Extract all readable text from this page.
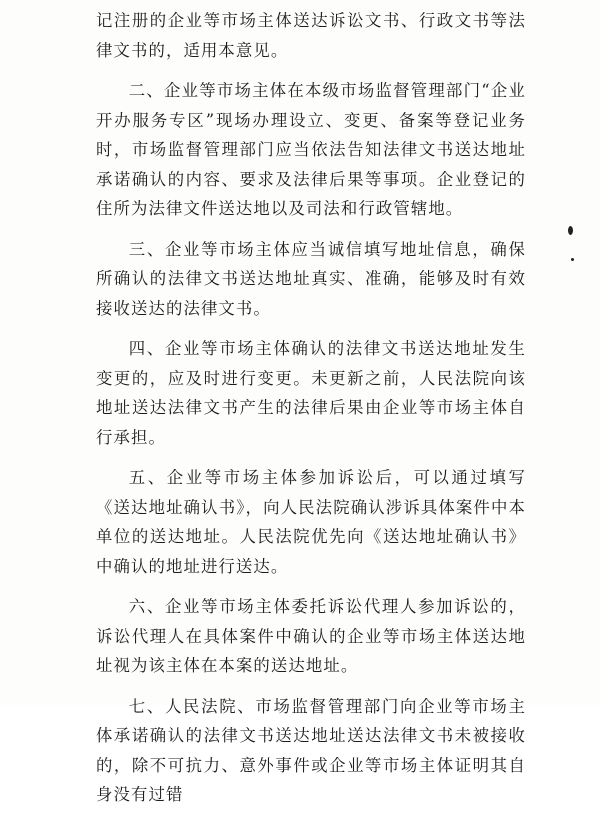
记注册的企业等市场主体送达诉讼文书、行政文书等法律文书的，适用本意见。

二、企业等市场主体在本级市场监督管理部门“企业开办服务专区”现场办理设立、变更、备案等登记业务时，市场监督管理部门应当依法告知法律文书送达地址承诺确认的内容、要求及法律后果等事项。企业登记的住所为法律文件送达地以及司法和行政管辖地。

三、企业等市场主体应当诚信填写地址信息，确保所确认的法律文书送达地址真实、准确，能够及时有效接收送达的法律文书。

四、企业等市场主体确认的法律文书送达地址发生变更的，应及时进行变更。未更新之前，人民法院向该地址送达法律文书产生的法律后果由企业等市场主体自行承担。

五、企业等市场主体参加诉讼后，可以通过填写《送达地址确认书》，向人民法院确认涉诉具体案件中本单位的送达地址。人民法院优先向《送达地址确认书》中确认的地址进行送达。

六、企业等市场主体委托诉讼代理人参加诉讼的，诉讼代理人在具体案件中确认的企业等市场主体送达地址视为该主体在本案的送达地址。

七、人民法院、市场监督管理部门向企业等市场主体承诺确认的法律文书送达地址送达法律文书未被接收的，除不可抗力、意外事件或企业等市场主体证明其自身没有过错
